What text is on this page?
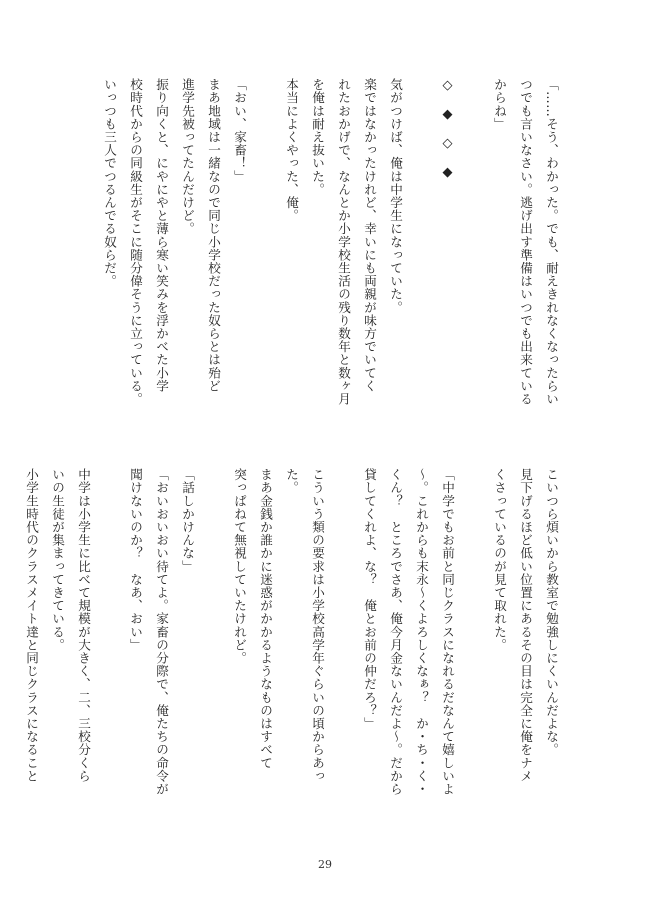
「……そう、わかった。でも、耐えきれなくなったらい
つでも言いなさい。逃げ出す準備はいつでも出来ている
からね」
◇◆◇◆
気がつけば、俺は中学生になっていた。
楽ではなかったけれど、幸いにも両親が味方でいてく
れたおかげで、なんとか小学校生活の残り数年と数ヶ月
を俺は耐え抜いた。
本当によくやった、俺。
「おい、家畜！」
まあ地域は一緒なので同じ小学校だった奴らとは殆ど
進学先被ってたんだけど。
振り向くと、にやにやと薄ら寒い笑みを浮かべた小学
校時代からの同級生がそこに随分偉そうに立っている。
いっつも三人でつるんでる奴らだ。
こいつら煩いから教室で勉強しにくいんだよな。
見下げるほど低い位置にあるその目は完全に俺をナメ
くさっているのが見て取れた。
「中学でもお前と同じクラスになれるだなんて嬉しいよ
～。これからも末永～くよろしくなぁ？　か・ち・く・
くん？　ところでさあ、俺今月金ないんだよ～。だから
貸してくれよ、な？　俺とお前の仲だろ？」
こういう類の要求は小学校高学年ぐらいの頃からあっ
た。
まあ金銭か誰かに迷惑がかかるようなものはすべて
突っぱねて無視していたけれど。
「話しかけんな」
「おいおいおい待てよ。家畜の分際で、俺たちの命令が
聞けないのか？　なあ、おい」
中学は小学生に比べて規模が大きく、二、三校分くら
いの生徒が集まってきている。
小学生時代のクラスメイト達と同じクラスになること
29
